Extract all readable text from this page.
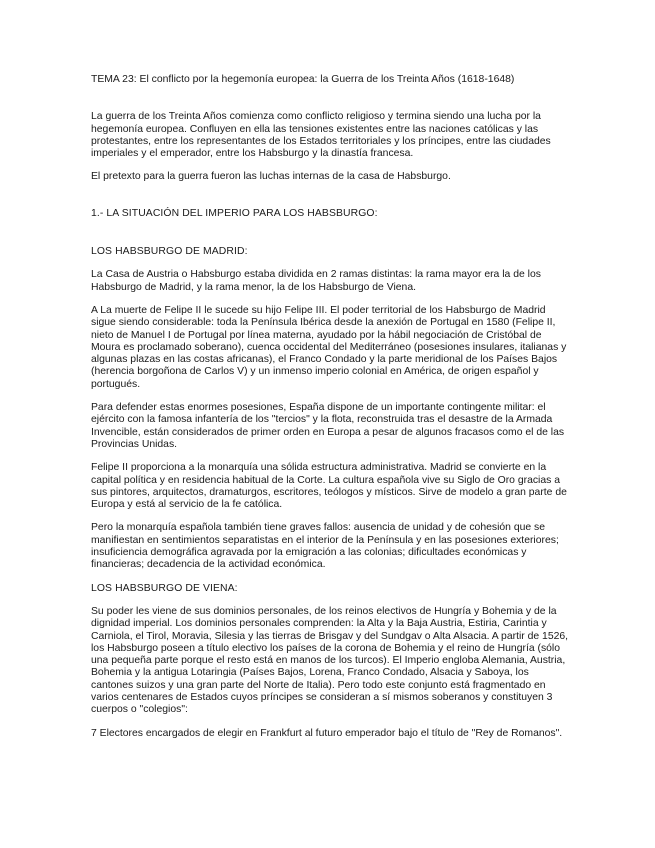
TEMA 23: El conflicto por la hegemonía europea: la Guerra de los Treinta Años (1618-1648)

La guerra de los Treinta Años comienza como conflicto religioso y termina siendo una lucha por la hegemonía europea. Confluyen en ella las tensiones existentes entre las naciones católicas y las protestantes, entre los representantes de los Estados territoriales y los príncipes, entre las ciudades imperiales y el emperador, entre los Habsburgo y la dinastía francesa.

El pretexto para la guerra fueron las luchas internas de la casa de Habsburgo.

1.- LA SITUACIÓN DEL IMPERIO PARA LOS HABSBURGO:

LOS HABSBURGO DE MADRID:

La Casa de Austria o Habsburgo estaba dividida en 2 ramas distintas: la rama mayor era la de los Habsburgo de Madrid, y la rama menor, la de los Habsburgo de Viena.

A La muerte de Felipe II le sucede su hijo Felipe III. El poder territorial de los Habsburgo de Madrid sigue siendo considerable: toda la Península Ibérica desde la anexión de Portugal en 1580 (Felipe II, nieto de Manuel I de Portugal por línea materna, ayudado por la hábil negociación de Cristóbal de Moura es proclamado soberano), cuenca occidental del Mediterráneo (posesiones insulares, italianas y algunas plazas en las costas africanas), el Franco Condado y la parte meridional de los Países Bajos (herencia borgoñona de Carlos V) y un inmenso imperio colonial en América, de origen español y portugués.

Para defender estas enormes posesiones, España dispone de un importante contingente militar: el ejército con la famosa infantería de los "tercios" y la flota, reconstruida tras el desastre de la Armada Invencible, están considerados de primer orden en Europa a pesar de algunos fracasos como el de las Provincias Unidas.

Felipe II proporciona a la monarquía una sólida estructura administrativa. Madrid se convierte en la capital política y en residencia habitual de la Corte. La cultura española vive su Siglo de Oro gracias a sus pintores, arquitectos, dramaturgos, escritores, teólogos y místicos. Sirve de modelo a gran parte de Europa y está al servicio de la fe católica.

Pero la monarquía española también tiene graves fallos: ausencia de unidad y de cohesión que se manifiestan en sentimientos separatistas en el interior de la Península y en las posesiones exteriores; insuficiencia demográfica agravada por la emigración a las colonias; dificultades económicas y financieras; decadencia de la actividad económica.

LOS HABSBURGO DE VIENA:

Su poder les viene de sus dominios personales, de los reinos electivos de Hungría y Bohemia y de la dignidad imperial. Los dominios personales comprenden: la Alta y la Baja Austria, Estiria, Carintia y Carniola, el Tirol, Moravia, Silesia y las tierras de Brisgav y del Sundgav o Alta Alsacia. A partir de 1526, los Habsburgo poseen a título electivo los países de la corona de Bohemia y el reino de Hungría (sólo una pequeña parte porque el resto está en manos de los turcos). El Imperio engloba Alemania, Austria, Bohemia y la antigua Lotaringia (Países Bajos, Lorena, Franco Condado, Alsacia y Saboya, los cantones suizos y una gran parte del Norte de Italia). Pero todo este conjunto está fragmentado en varios centenares de Estados cuyos príncipes se consideran a sí mismos soberanos y constituyen 3 cuerpos o "colegios":

7 Electores encargados de elegir en Frankfurt al futuro emperador bajo el título de "Rey de Romanos".
